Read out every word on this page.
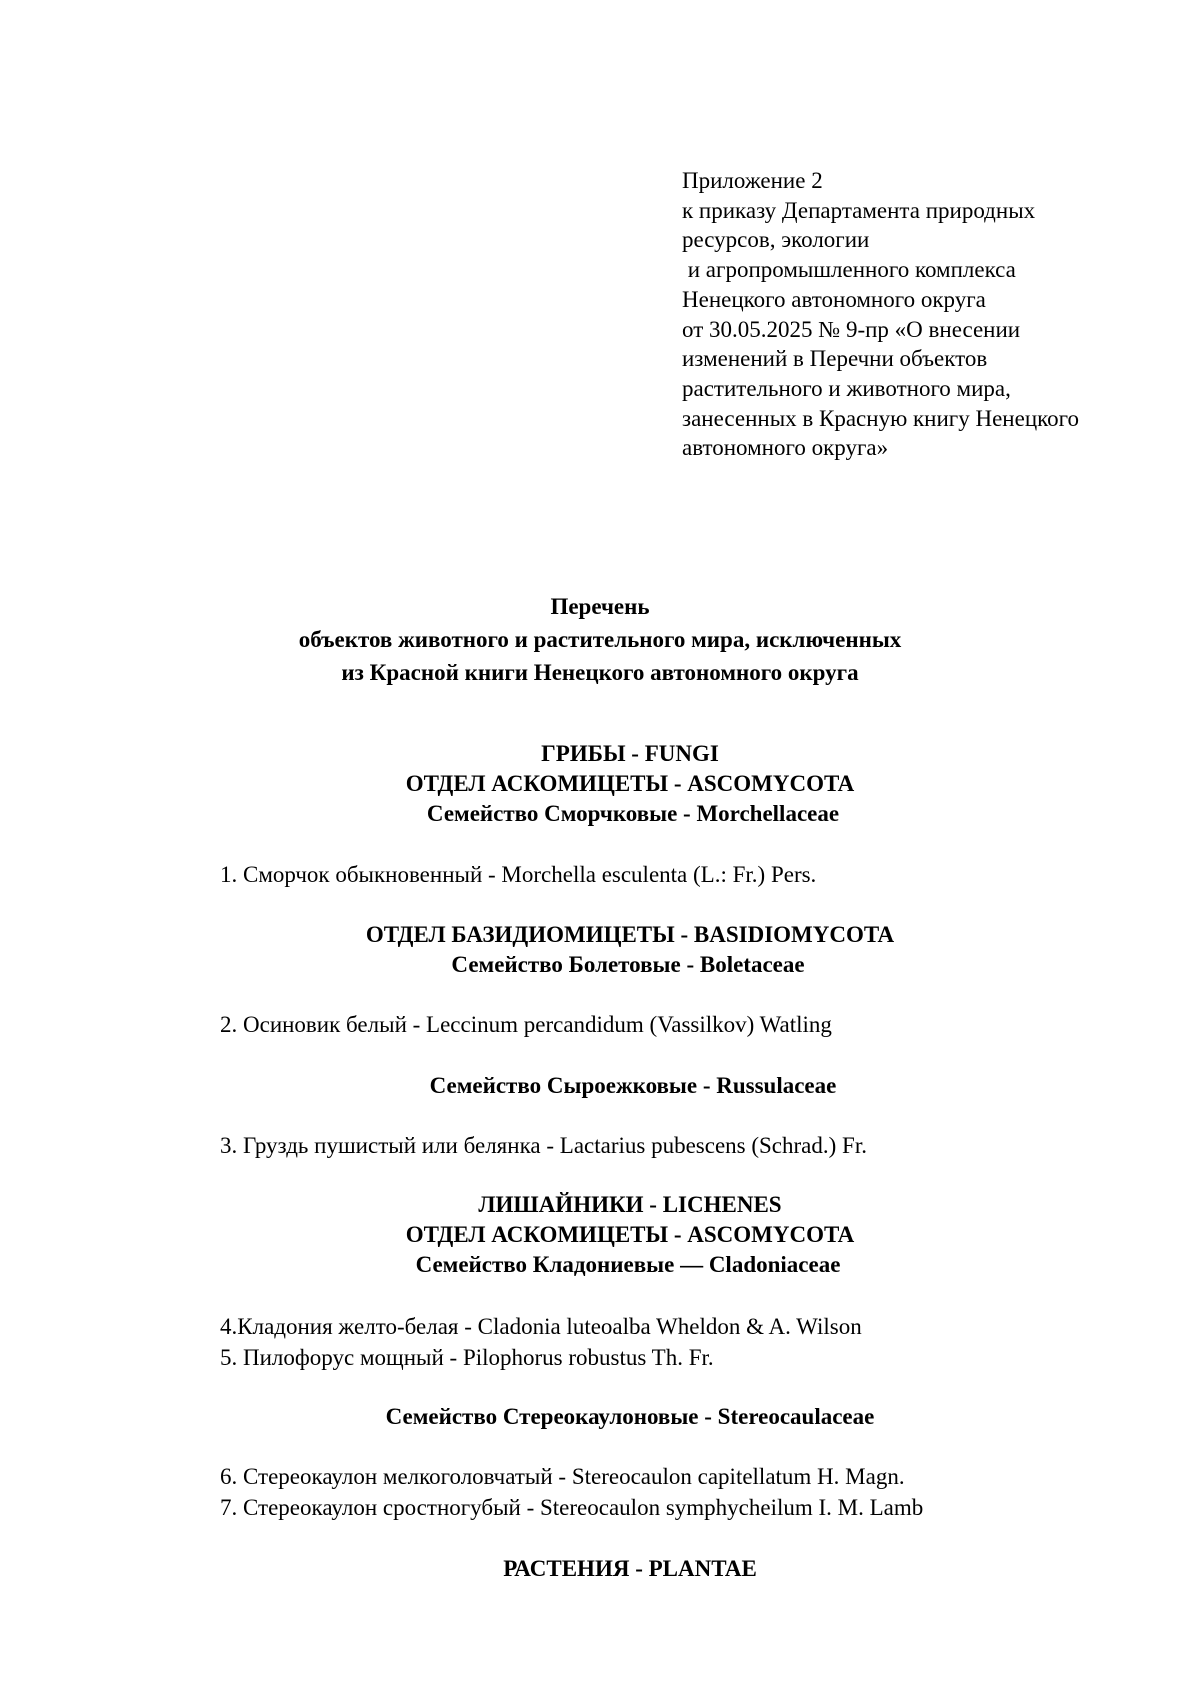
Приложение 2
к приказу Департамента природных
ресурсов, экологии
и агропромышленного комплекса
Ненецкого автономного округа
от 30.05.2025 № 9-пр «О внесении
изменений в Перечни объектов
растительного и животного мира,
занесенных в Красную книгу Ненецкого
автономного округа»
Перечень
объектов животного и растительного мира, исключенных
из Красной книги Ненецкого автономного округа
ГРИБЫ - FUNGI
ОТДЕЛ АСКОМИЦЕТЫ - ASCOMYCOTA
Семейство Сморчковые - Morchellaceae
1. Сморчок обыкновенный - Morchella esculenta (L.: Fr.) Pers.
ОТДЕЛ БАЗИДИОМИЦЕТЫ - BASIDIOMYCOTA
Семейство Болетовые - Boletaceae
2. Осиновик белый - Leccinum percandidum (Vassilkov) Watling
Семейство Сыроежковые - Russulaceae
3. Груздь пушистый или белянка - Lactarius pubescens (Schrad.) Fr.
ЛИШАЙНИКИ - LICHENES
ОТДЕЛ АСКОМИЦЕТЫ - ASCOMYCOTA
Семейство Кладониевые — Cladoniaceae
4.Кладония желто-белая - Cladonia luteoalba Wheldon & A. Wilson
5. Пилофорус мощный - Pilophorus robustus Th. Fr.
Семейство Стереокаулоновые - Stereocaulaceae
6. Стереокаулон мелкоголовчатый - Stereocaulon capitellatum H. Magn.
7. Стереокаулон сростногубый - Stereocaulon symphycheilum I. M. Lamb
РАСТЕНИЯ - PLANTAE
